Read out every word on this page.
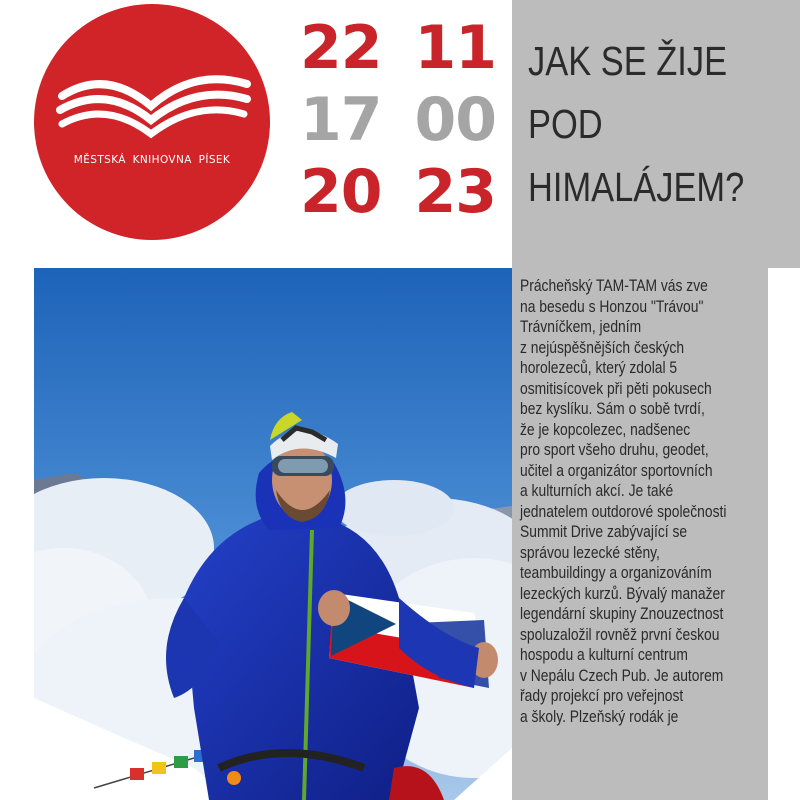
MĚSTSKÁ KNIHOVNA PÍSEK
22 11
17 00
20 23
JAK SE ŽIJE
POD
HIMALÁJEM?
Prácheňský TAM-TAM vás zve
na besedu s Honzou "Trávou"
Trávníčkem, jedním
z nejúspěšnějších českých
horolezeců, který zdolal 5
osmitisícovek při pěti pokusech
bez kyslíku. Sám o sobě tvrdí,
že je kopcolezec, nadšenec
pro sport všeho druhu, geodet,
učitel a organizátor sportovních
a kulturních akcí. Je také
jednatelem outdorové společnosti
Summit Drive zabývající se
správou lezecké stěny,
teambuildingy a organizováním
lezeckých kurzů. Bývalý manažer
legendární skupiny Znouzectnost
spoluzaložil rovněž první českou
hospodu a kulturní centrum
v Nepálu Czech Pub. Je autorem
řady projekcí pro veřejnost
a školy. Plzeňský rodák je
